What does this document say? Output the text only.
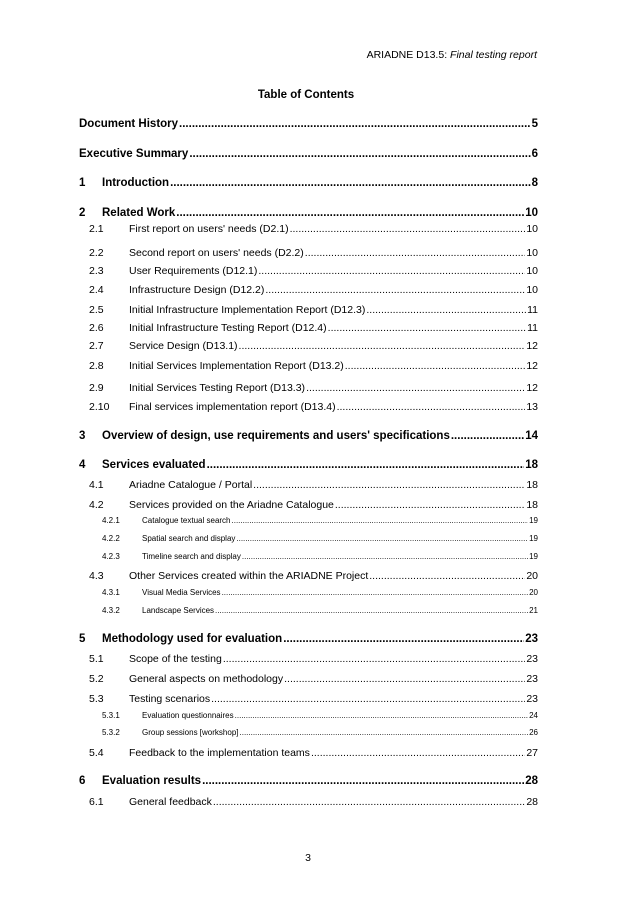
ARIADNE D13.5: Final testing report
Table of Contents
Document History .....	5
Executive Summary .....	6
1	Introduction .....	8
2	Related Work .....	10
2.1	First report on users' needs (D2.1) .....	10
2.2	Second report on users' needs (D2.2) .....	10
2.3	User Requirements (D12.1) .....	10
2.4	Infrastructure Design (D12.2) .....	10
2.5	Initial Infrastructure Implementation Report (D12.3) .....	11
2.6	Initial Infrastructure Testing Report (D12.4) .....	11
2.7	Service Design (D13.1) .....	12
2.8	Initial Services Implementation Report (D13.2) .....	12
2.9	Initial Services Testing Report (D13.3) .....	12
2.10	Final services implementation report (D13.4) .....	13
3	Overview of design, use requirements and users' specifications .....	14
4	Services evaluated .....	18
4.1	Ariadne Catalogue / Portal .....	18
4.2	Services provided on the Ariadne Catalogue .....	18
4.2.1	Catalogue textual search .....	19
4.2.2	Spatial search and display .....	19
4.2.3	Timeline search and display .....	19
4.3	Other Services created within the ARIADNE Project .....	20
4.3.1	Visual Media Services .....	20
4.3.2	Landscape Services .....	21
5	Methodology used for evaluation .....	23
5.1	Scope of the testing .....	23
5.2	General aspects on methodology .....	23
5.3	Testing scenarios .....	23
5.3.1	Evaluation questionnaires .....	24
5.3.2	Group sessions [workshop] .....	26
5.4	Feedback to the implementation teams .....	27
6	Evaluation results .....	28
6.1	General feedback .....	28
3
